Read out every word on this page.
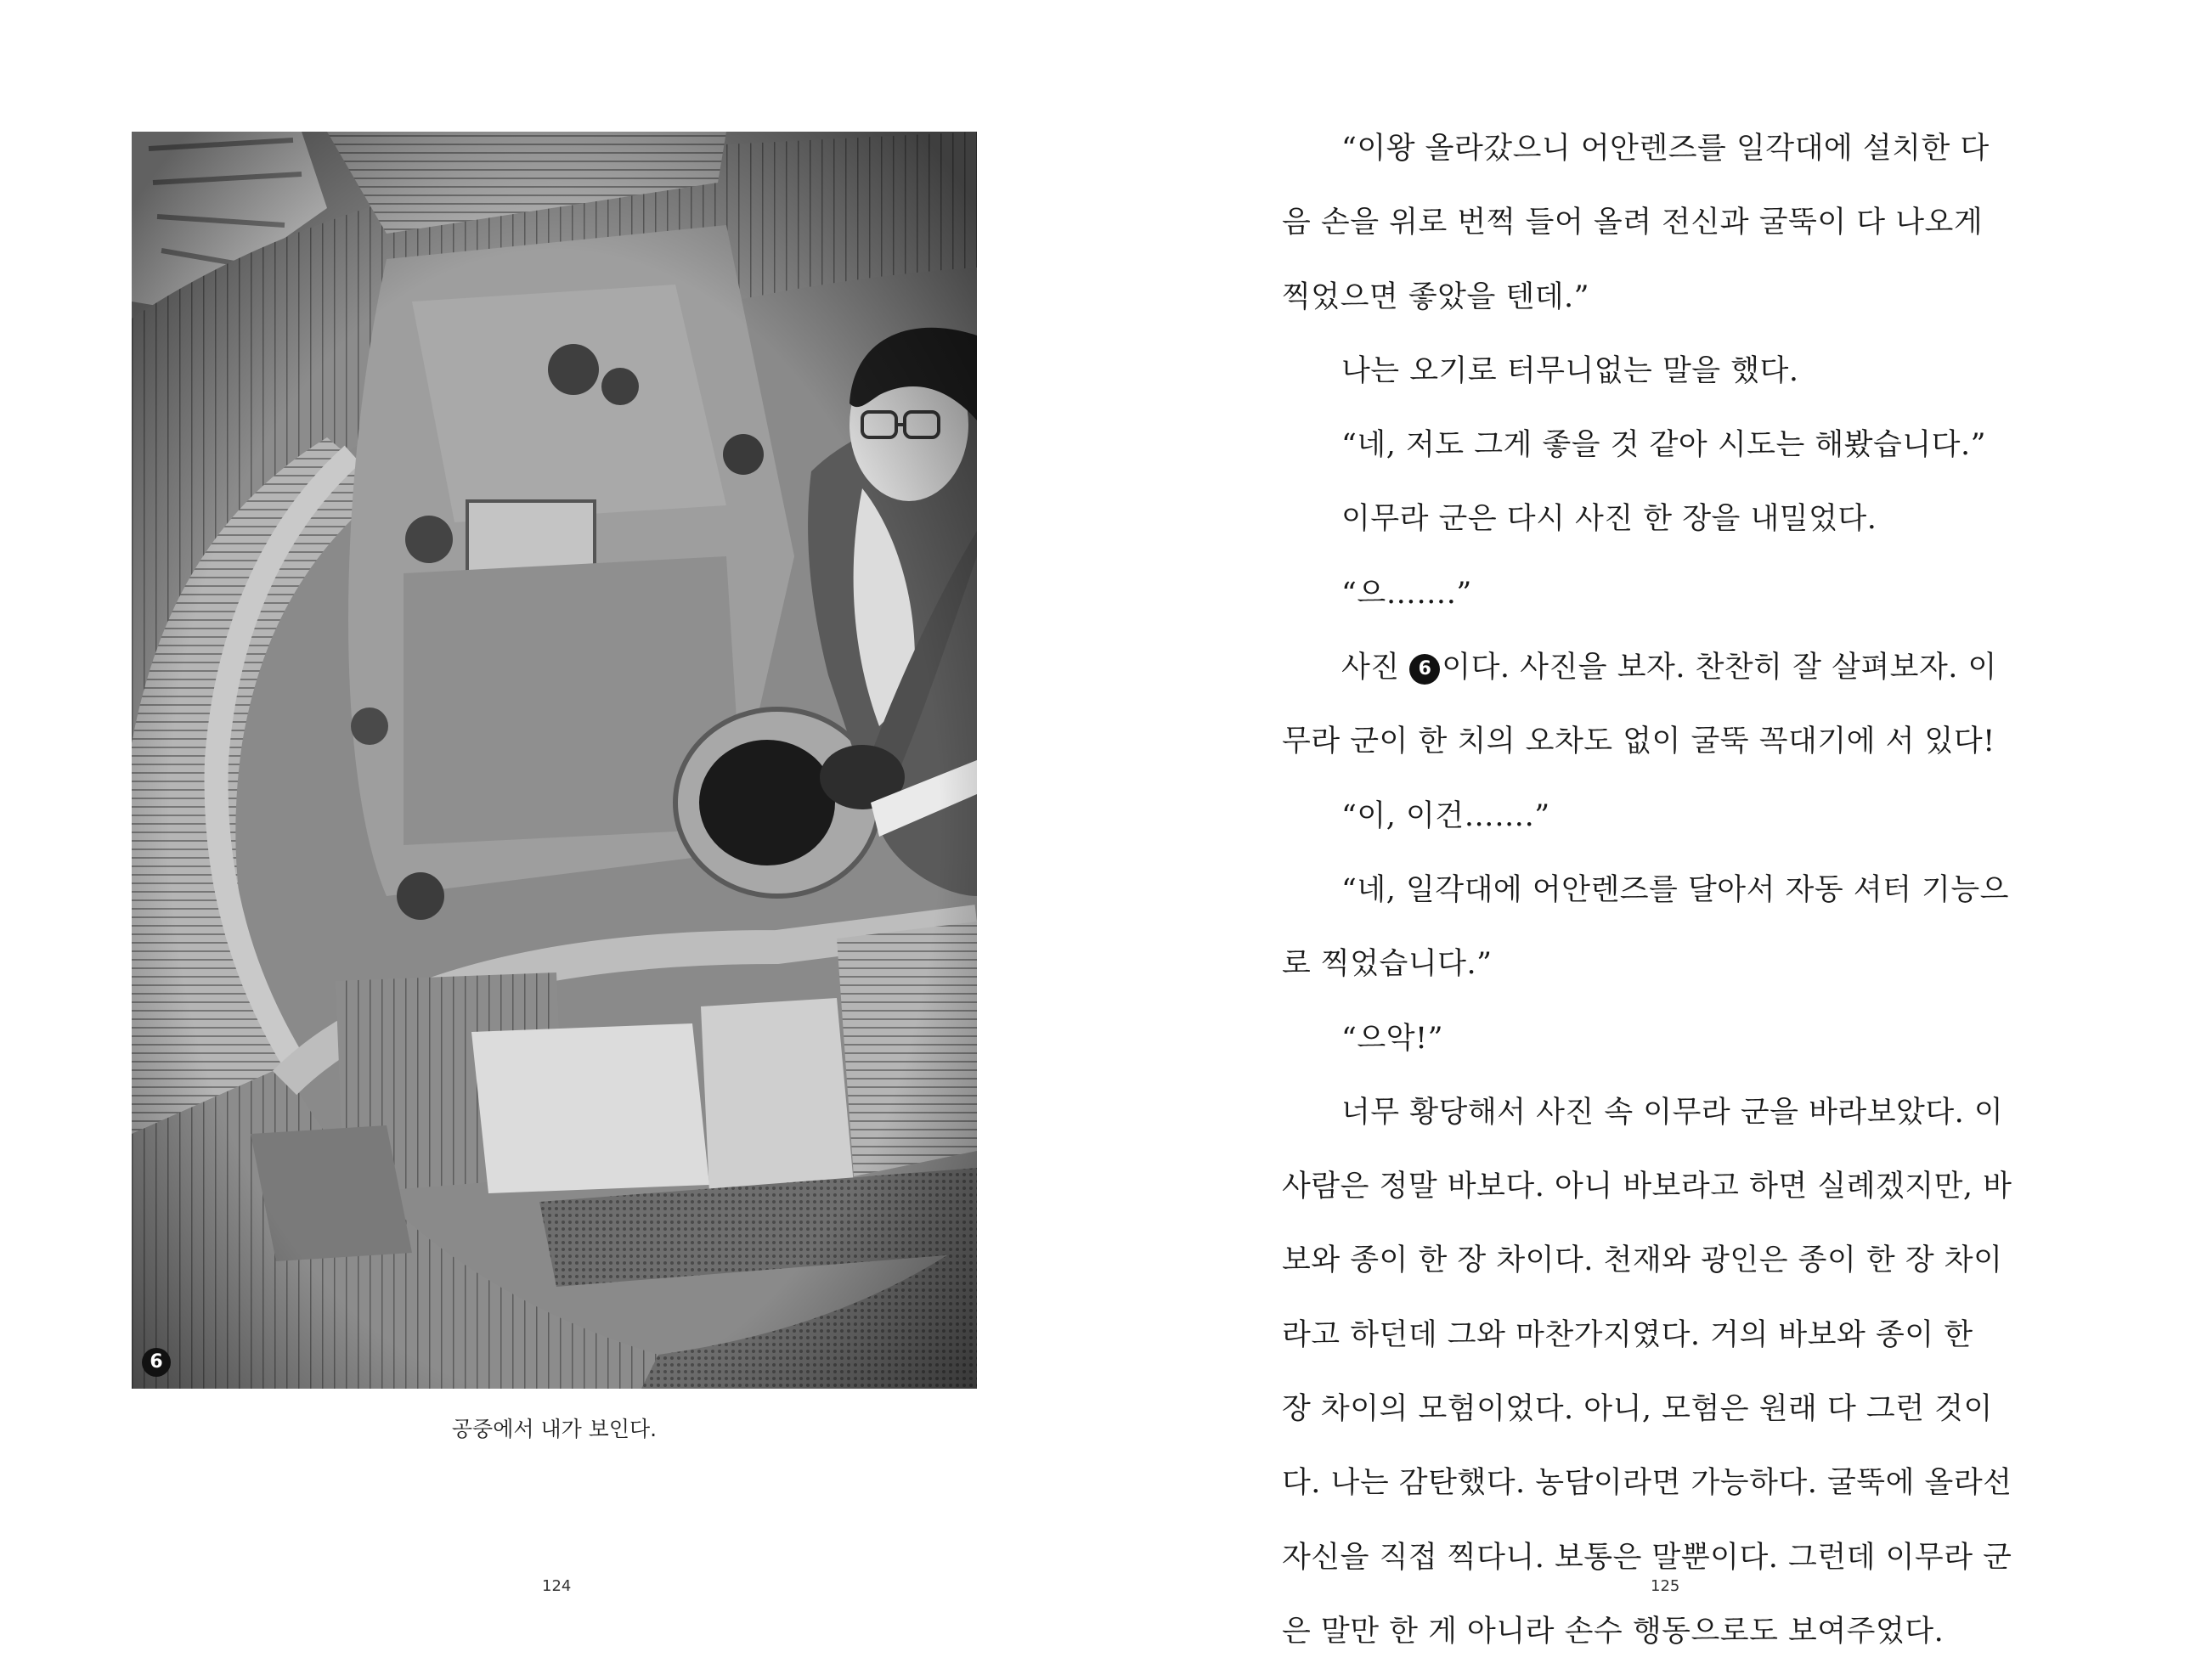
6
공중에서 내가 보인다.
124
“이왕 올라갔으니 어안렌즈를 일각대에 설치한 다
음 손을 위로 번쩍 들어 올려 전신과 굴뚝이 다 나오게
찍었으면 좋았을 텐데.”
나는 오기로 터무니없는 말을 했다.
“네, 저도 그게 좋을 것 같아 시도는 해봤습니다.”
이무라 군은 다시 사진 한 장을 내밀었다.
“으…….”
사진 6 이다. 사진을 보자. 찬찬히 잘 살펴보자. 이
무라 군이 한 치의 오차도 없이 굴뚝 꼭대기에 서 있다!
“이, 이건…….”
“네, 일각대에 어안렌즈를 달아서 자동 셔터 기능으
로 찍었습니다.”
“으악!”
너무 황당해서 사진 속 이무라 군을 바라보았다. 이
사람은 정말 바보다. 아니 바보라고 하면 실례겠지만, 바
보와 종이 한 장 차이다. 천재와 광인은 종이 한 장 차이
라고 하던데 그와 마찬가지였다. 거의 바보와 종이 한
장 차이의 모험이었다. 아니, 모험은 원래 다 그런 것이
다. 나는 감탄했다. 농담이라면 가능하다. 굴뚝에 올라선
자신을 직접 찍다니. 보통은 말뿐이다. 그런데 이무라 군
은 말만 한 게 아니라 손수 행동으로도 보여주었다.
125
